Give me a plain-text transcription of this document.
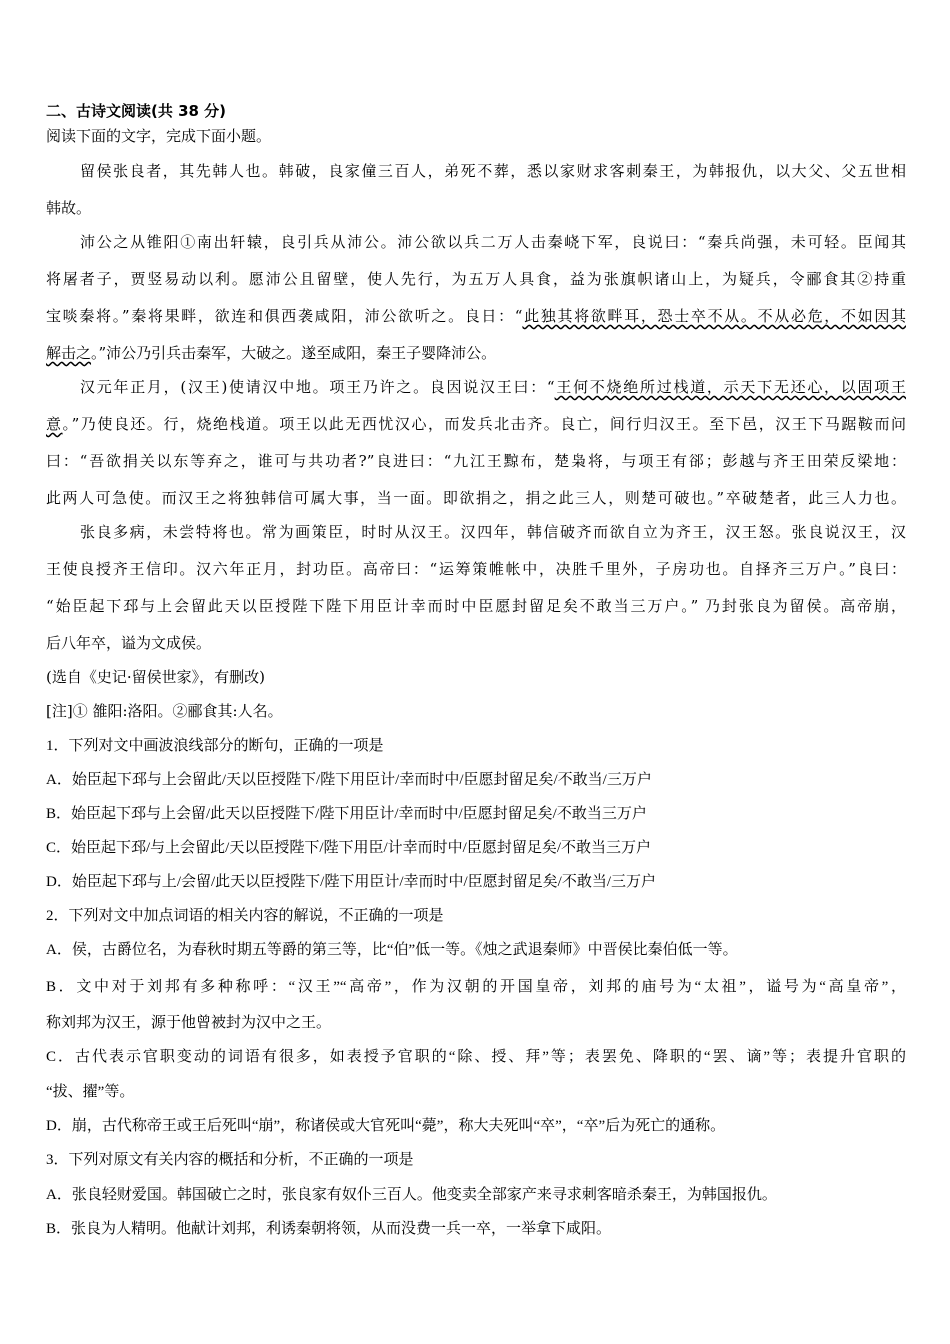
二、古诗文阅读(共 38 分)
阅读下面的文字，完成下面小题。
留侯张良者，其先韩人也。韩破，良家僮三百人，弟死不葬，悉以家财求客刺秦王，为韩报仇，以大父、父五世相
韩故。
沛公之从锥阳①南出轩辕，良引兵从沛公。沛公欲以兵二万人击秦峣下军，良说曰：“秦兵尚强，未可轻。臣闻其
将屠者子，贾竖易动以利。愿沛公且留壁，使人先行，为五万人具食，益为张旗帜诸山上，为疑兵，令郦食其②持重
宝啖秦将。”秦将果畔，欲连和俱西袭咸阳，沛公欲听之。良日：“此独其将欲畔耳，恐士卒不从。不从必危，不如因其
解击之。”沛公乃引兵击秦军，大破之。遂至咸阳，秦王子婴降沛公。
汉元年正月，(汉王)使请汉中地。项王乃许之。良因说汉王曰：“王何不烧绝所过栈道，示天下无还心，以固项王
意。”乃使良还。行，烧绝栈道。项王以此无西忧汉心，而发兵北击齐。良亡，间行归汉王。至下邑，汉王下马踞鞍而问
曰：“吾欲捐关以东等弃之，谁可与共功者?”良进曰：“九江王黥布，楚枭将，与项王有郤；彭越与齐王田荣反梁地：
此两人可急使。而汉王之将独韩信可属大事，当一面。即欲捐之，捐之此三人，则楚可破也。”卒破楚者，此三人力也。
张良多病，未尝特将也。常为画策臣，时时从汉王。汉四年，韩信破齐而欲自立为齐王，汉王怒。张良说汉王，汉
王使良授齐王信印。汉六年正月，封功臣。高帝曰：“运筹策帷帐中，决胜千里外，子房功也。自择齐三万户。”良曰：
“始臣起下邳与上会留此天以臣授陛下陛下用臣计幸而时中臣愿封留足矣不敢当三万户。” 乃封张良为留侯。高帝崩，
后八年卒，谥为文成侯。
(选自《史记·留侯世家》，有删改)
[注]① 雒阳:洛阳。②郦食其:人名。
1．下列对文中画波浪线部分的断句，正确的一项是
A．始臣起下邳与上会留此/天以臣授陛下/陛下用臣计/幸而时中/臣愿封留足矣/不敢当/三万户
B．始臣起下邳与上会留/此天以臣授陛下/陛下用臣计/幸而时中/臣愿封留足矣/不敢当三万户
C．始臣起下邳/与上会留此/天以臣授陛下/陛下用臣/计幸而时中/臣愿封留足矣/不敢当三万户
D．始臣起下邳与上/会留/此天以臣授陛下/陛下用臣计/幸而时中/臣愿封留足矣/不敢当/三万户
2．下列对文中加点词语的相关内容的解说，不正确的一项是
A．侯，古爵位名，为春秋时期五等爵的第三等，比“伯”低一等。《烛之武退秦师》中晋侯比秦伯低一等。
B．文中对于刘邦有多种称呼：“汉王”“高帝”，作为汉朝的开国皇帝，刘邦的庙号为“太祖”，谥号为“高皇帝”，
称刘邦为汉王，源于他曾被封为汉中之王。
C．古代表示官职变动的词语有很多，如表授予官职的“除、授、拜”等；表罢免、降职的“罢、谪”等；表提升官职的
“拔、擢”等。
D．崩，古代称帝王或王后死叫“崩”，称诸侯或大官死叫“薨”，称大夫死叫“卒”，“卒”后为死亡的通称。
3．下列对原文有关内容的概括和分析，不正确的一项是
A．张良轻财爱国。韩国破亡之时，张良家有奴仆三百人。他变卖全部家产来寻求刺客暗杀秦王，为韩国报仇。
B．张良为人精明。他献计刘邦，利诱秦朝将领，从而没费一兵一卒，一举拿下咸阳。
